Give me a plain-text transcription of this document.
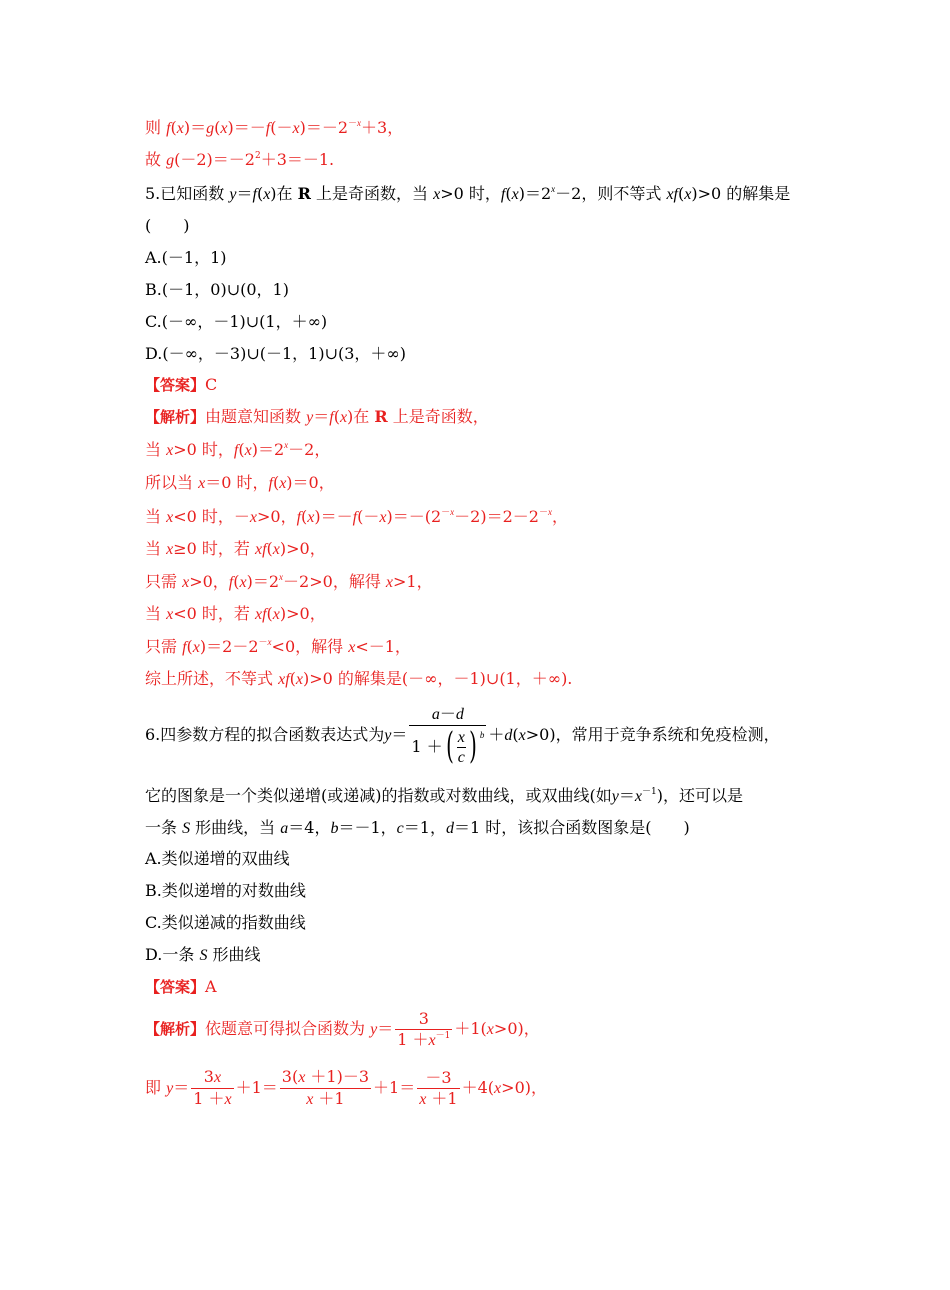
则 $f(x)=g(x)=-f(-x)=-2^{-x}+3$，
故 $g(-2)=-2^2+3=-1$.
5.已知函数 y＝f(x)在 R 上是奇函数，当 x>0 时，$f(x)=2^x-2$，则不等式 xf(x)>0 的解集是
(　　)
A.(－1，1)
B.(－1，0)∪(0，1)
C.(－∞，－1)∪(1，＋∞)
D.(－∞，－3)∪(－1，1)∪(3，＋∞)
【答案】C
【解析】由题意知函数 y＝f(x)在 R 上是奇函数，
当 x>0 时，$f(x)=2^x-2$，
所以当 x＝0 时，f(x)＝0，
当 x<0 时，－x>0，$f(x)=-f(-x)=-(2^{-x}-2)=2-2^{-x}$，
当 x≥0 时，若 xf(x)>0，
只需 x>0，$f(x)=2^x-2>0$，解得 x>1，
当 x<0 时，若 xf(x)>0，
只需 $f(x)=2-2^{-x}<0$，解得 x<－1，
综上所述，不等式 xf(x)>0 的解集是(－∞，－1)∪(1，＋∞).
6.四参数方程的拟合函数表达式为$y= \frac{a-d}{1 +( \frac{x}{c} ) ^b} +d(x>0)$，常用于竞争系统和免疫检测，
它的图象是一个类似递增(或递减)的指数或对数曲线，或双曲线(如$y=x^{-1}$)，还可以是
一条 S 形曲线，当 a＝4，b＝－1，c＝1，d＝1 时，该拟合函数图象是(　　)
A.类似递增的双曲线
B.类似递增的对数曲线
C.类似递减的指数曲线
D.一条 S 形曲线
【答案】A
【解析】依题意可得拟合函数为 $y= \frac{3}{1 +x^{-1}} +1(x>0)$，
即 $y= \frac{3x}{1 +x} +1= \frac{3(x +1)-3}{x +1} +1= \frac{-3}{x +1} +4(x>0)$，
